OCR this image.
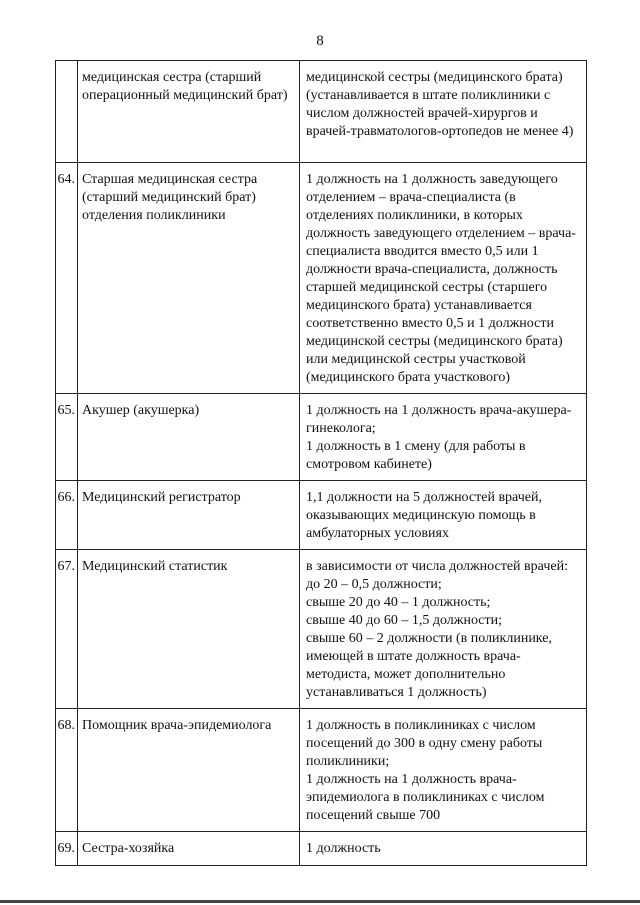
8
	медицинская сестра (старший операционный медицинский брат)	медицинской сестры (медицинского брата) (устанавливается в штате поликлиники с числом должностей врачей-хирургов и врачей-травматологов-ортопедов не менее 4)

64.	Старшая медицинская сестра (старший медицинский брат) отделения поликлиники	1 должность на 1 должность заведующего отделением – врача-специалиста (в отделениях поликлиники, в которых должность заведующего отделением – врача-специалиста вводится вместо 0,5 или 1 должности врача-специалиста, должность старшей медицинской сестры (старшего медицинского брата) устанавливается соответственно вместо 0,5 и 1 должности медицинской сестры (медицинского брата) или медицинской сестры участковой (медицинского брата участкового)

65.	Акушер (акушерка)	1 должность на 1 должность врача-акушера-гинеколога;
1 должность в 1 смену (для работы в смотровом кабинете)

66.	Медицинский регистратор	1,1 должности на 5 должностей врачей, оказывающих медицинскую помощь в амбулаторных условиях

67.	Медицинский статистик	в зависимости от числа должностей врачей:
до 20 – 0,5 должности;
свыше 20 до 40 – 1 должность;
свыше 40 до 60 – 1,5 должности;
свыше 60 – 2 должности (в поликлинике, имеющей в штате должность врача-методиста, может дополнительно устанавливаться 1 должность)

68.	Помощник врача-эпидемиолога	1 должность в поликлиниках с числом посещений до 300 в одну смену работы поликлиники;
1 должность на 1 должность врача-эпидемиолога в поликлиниках с числом посещений свыше 700

69.	Сестра-хозяйка	1 должность
